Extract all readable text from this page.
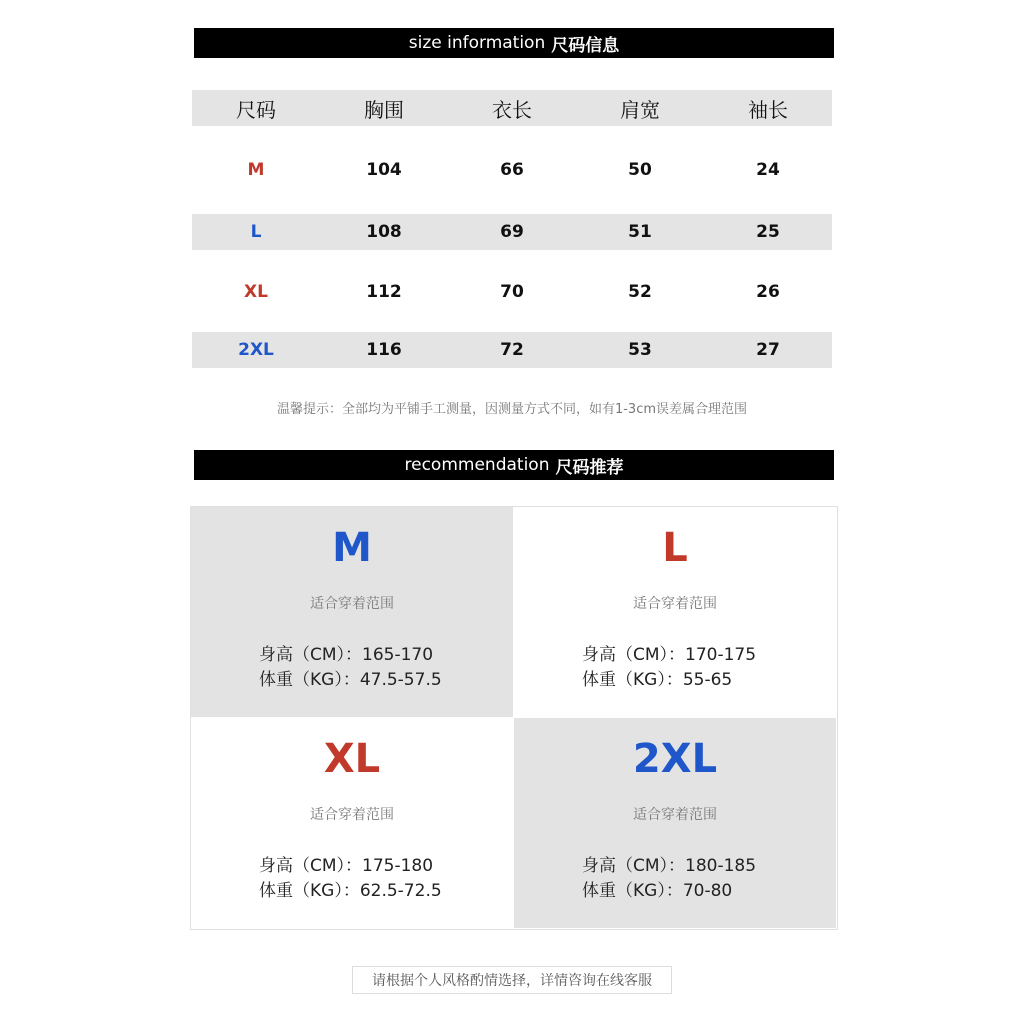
size information 尺码信息
尺码	胸围	衣长	肩宽	袖长
M	104	66	50	24
L	108	69	51	25
XL	112	70	52	26
2XL	116	72	53	27
温馨提示：全部均为平铺手工测量，因测量方式不同，如有1-3cm误差属合理范围
recommendation 尺码推荐
M
适合穿着范围
身高（CM）：165-170
体重（KG）：47.5-57.5
L
适合穿着范围
身高（CM）：170-175
体重（KG）：55-65
XL
适合穿着范围
身高（CM）：175-180
体重（KG）：62.5-72.5
2XL
适合穿着范围
身高（CM）：180-185
体重（KG）：70-80
请根据个人风格酌情选择，详情咨询在线客服
